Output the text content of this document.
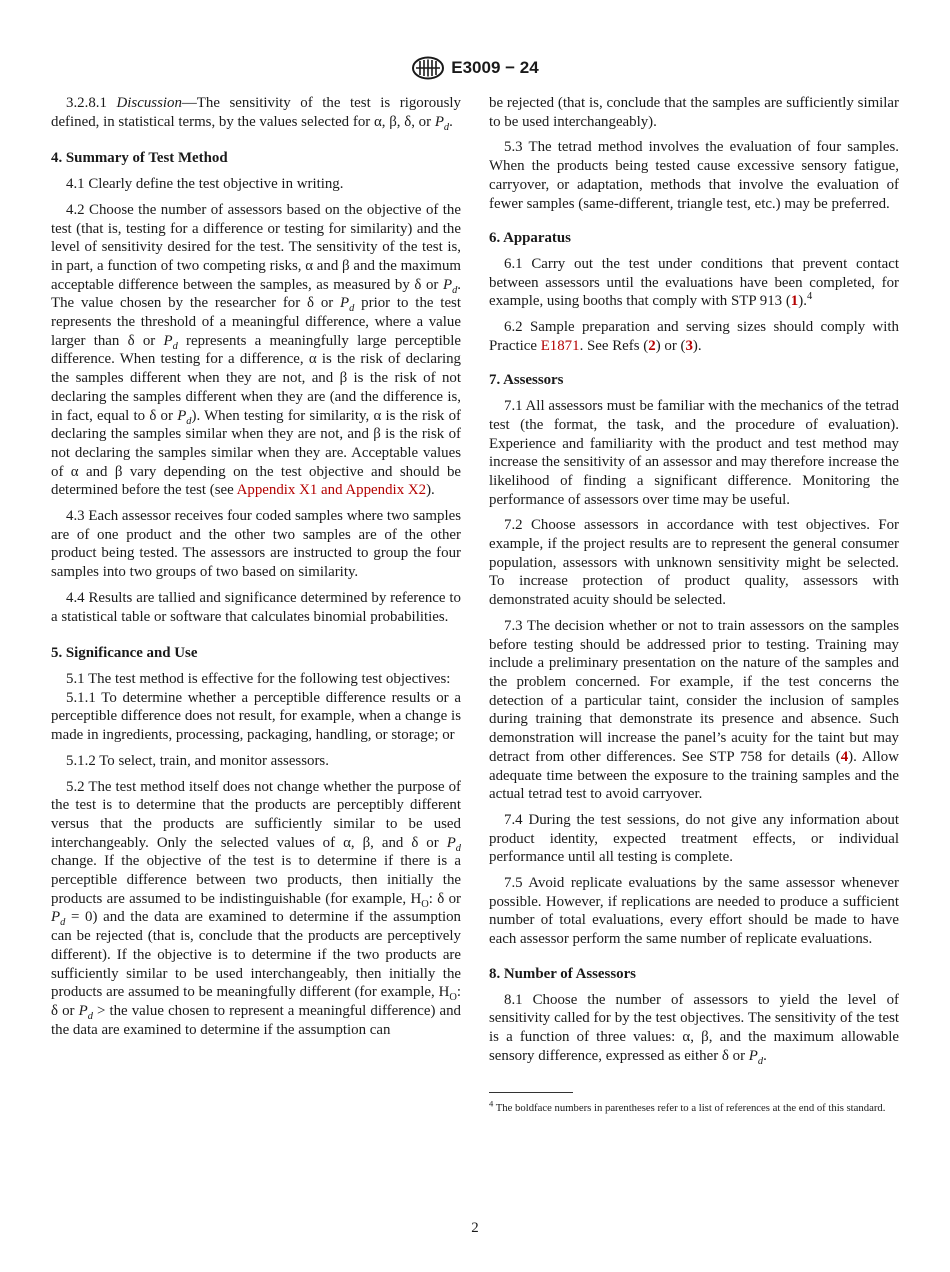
E3009 − 24

3.2.8.1 Discussion—The sensitivity of the test is rigorously defined, in statistical terms, by the values selected for α, β, δ, or $P_d$.

4. Summary of Test Method

4.1 Clearly define the test objective in writing.

4.2 Choose the number of assessors based on the objective of the test (that is, testing for a difference or testing for similarity) and the level of sensitivity desired for the test. The sensitivity of the test is, in part, a function of two competing risks, α and β and the maximum acceptable difference between the samples, as measured by δ or $P_d$. The value chosen by the researcher for δ or $P_d$ prior to the test represents the threshold of a meaningful difference, where a value larger than δ or $P_d$ represents a meaningfully large perceptible difference. When testing for a difference, α is the risk of declaring the samples different when they are not, and β is the risk of not declaring the samples different when they are (and the difference is, in fact, equal to δ or $P_d$). When testing for similarity, α is the risk of declaring the samples similar when they are not, and β is the risk of not declaring the samples similar when they are. Acceptable values of α and β vary depending on the test objective and should be determined before the test (see Appendix X1 and Appendix X2).

4.3 Each assessor receives four coded samples where two samples are of one product and the other two samples are of the other product being tested. The assessors are instructed to group the four samples into two groups of two based on similarity.

4.4 Results are tallied and significance determined by reference to a statistical table or software that calculates binomial probabilities.

5. Significance and Use

5.1 The test method is effective for the following test objectives:

5.1.1 To determine whether a perceptible difference results or a perceptible difference does not result, for example, when a change is made in ingredients, processing, packaging, handling, or storage; or

5.1.2 To select, train, and monitor assessors.

5.2 The test method itself does not change whether the purpose of the test is to determine that the products are perceptibly different versus that the products are sufficiently similar to be used interchangeably. Only the selected values of α, β, and δ or $P_d$ change. If the objective of the test is to determine if there is a perceptible difference between two products, then initially the products are assumed to be indistinguishable (for example, $H_O$: δ or $P_d = 0$) and the data are examined to determine if the assumption can be rejected (that is, conclude that the products are perceptively different). If the objective is to determine if the two products are sufficiently similar to be used interchangeably, then initially the products are assumed to be meaningfully different (for example, $H_O$: δ or $P_d$ > the value chosen to represent a meaningful difference) and the data are examined to determine if the assumption can

be rejected (that is, conclude that the samples are sufficiently similar to be used interchangeably).

5.3 The tetrad method involves the evaluation of four samples. When the products being tested cause excessive sensory fatigue, carryover, or adaptation, methods that involve the evaluation of fewer samples (same-different, triangle test, etc.) may be preferred.

6. Apparatus

6.1 Carry out the test under conditions that prevent contact between assessors until the evaluations have been completed, for example, using booths that comply with STP 913 (1).$^4$

6.2 Sample preparation and serving sizes should comply with Practice E1871. See Refs (2) or (3).

7. Assessors

7.1 All assessors must be familiar with the mechanics of the tetrad test (the format, the task, and the procedure of evaluation). Experience and familiarity with the product and test method may increase the sensitivity of an assessor and may therefore increase the likelihood of finding a significant difference. Monitoring the performance of assessors over time may be useful.

7.2 Choose assessors in accordance with test objectives. For example, if the project results are to represent the general consumer population, assessors with unknown sensitivity might be selected. To increase protection of product quality, assessors with demonstrated acuity should be selected.

7.3 The decision whether or not to train assessors on the samples before testing should be addressed prior to testing. Training may include a preliminary presentation on the nature of the samples and the problem concerned. For example, if the test concerns the detection of a particular taint, consider the inclusion of samples during training that demonstrate its presence and absence. Such demonstration will increase the panel’s acuity for the taint but may detract from other differences. See STP 758 for details (4). Allow adequate time between the exposure to the training samples and the actual tetrad test to avoid carryover.

7.4 During the test sessions, do not give any information about product identity, expected treatment effects, or individual performance until all testing is complete.

7.5 Avoid replicate evaluations by the same assessor whenever possible. However, if replications are needed to produce a sufficient number of total evaluations, every effort should be made to have each assessor perform the same number of replicate evaluations.

8. Number of Assessors

8.1 Choose the number of assessors to yield the level of sensitivity called for by the test objectives. The sensitivity of the test is a function of three values: α, β, and the maximum allowable sensory difference, expressed as either δ or $P_d$.

$^4$ The boldface numbers in parentheses refer to a list of references at the end of this standard.
2
